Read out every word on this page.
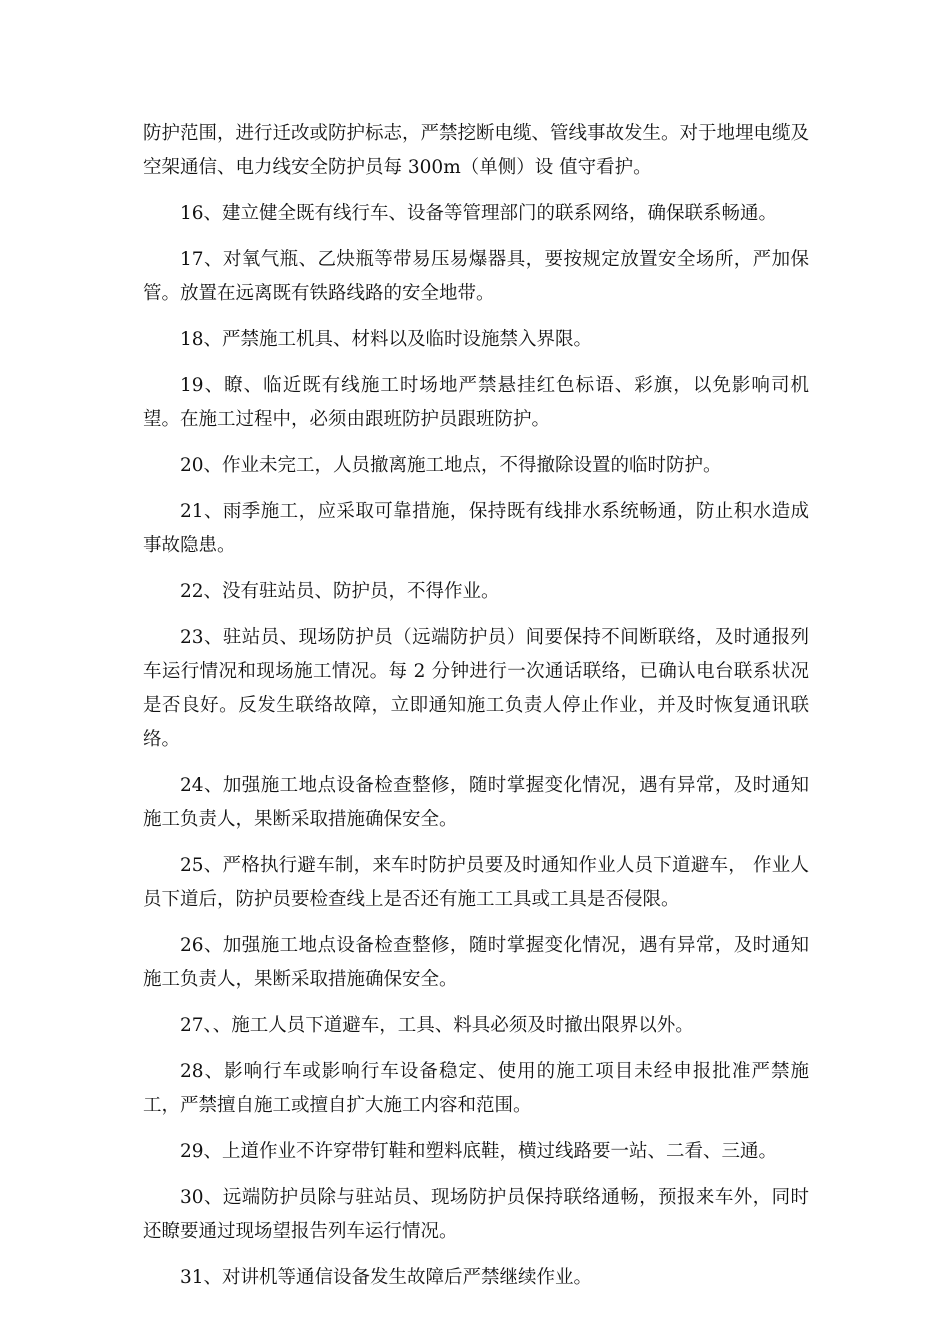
防护范围，进行迁改或防护标志，严禁挖断电缆、管线事故发生。对于地埋电缆及空架通信、电力线安全防护员每 300m（单侧）设 值守看护。

16、建立健全既有线行车、设备等管理部门的联系网络，确保联系畅通。

17、对氧气瓶、乙炔瓶等带易压易爆器具，要按规定放置安全场所，严加保管。放置在远离既有铁路线路的安全地带。

18、严禁施工机具、材料以及临时设施禁入界限。

19、瞭、临近既有线施工时场地严禁悬挂红色标语、彩旗，以免影响司机望。在施工过程中，必须由跟班防护员跟班防护。

20、作业未完工，人员撤离施工地点，不得撤除设置的临时防护。

21、雨季施工，应采取可靠措施，保持既有线排水系统畅通，防止积水造成事故隐患。

22、没有驻站员、防护员，不得作业。

23、驻站员、现场防护员（远端防护员）间要保持不间断联络，及时通报列车运行情况和现场施工情况。每 2 分钟进行一次通话联络，已确认电台联系状况是否良好。反发生联络故障，立即通知施工负责人停止作业，并及时恢复通讯联络。

24、加强施工地点设备检查整修，随时掌握变化情况，遇有异常，及时通知施工负责人，果断采取措施确保安全。

25、严格执行避车制，来车时防护员要及时通知作业人员下道避车， 作业人员下道后，防护员要检查线上是否还有施工工具或工具是否侵限。

26、加强施工地点设备检查整修，随时掌握变化情况，遇有异常，及时通知施工负责人，果断采取措施确保安全。

27、、施工人员下道避车，工具、料具必须及时撤出限界以外。

28、影响行车或影响行车设备稳定、使用的施工项目未经申报批准严禁施工，严禁擅自施工或擅自扩大施工内容和范围。

29、上道作业不许穿带钉鞋和塑料底鞋，横过线路要一站、二看、三通。

30、远端防护员除与驻站员、现场防护员保持联络通畅，预报来车外，同时还瞭要通过现场望报告列车运行情况。

31、对讲机等通信设备发生故障后严禁继续作业。
